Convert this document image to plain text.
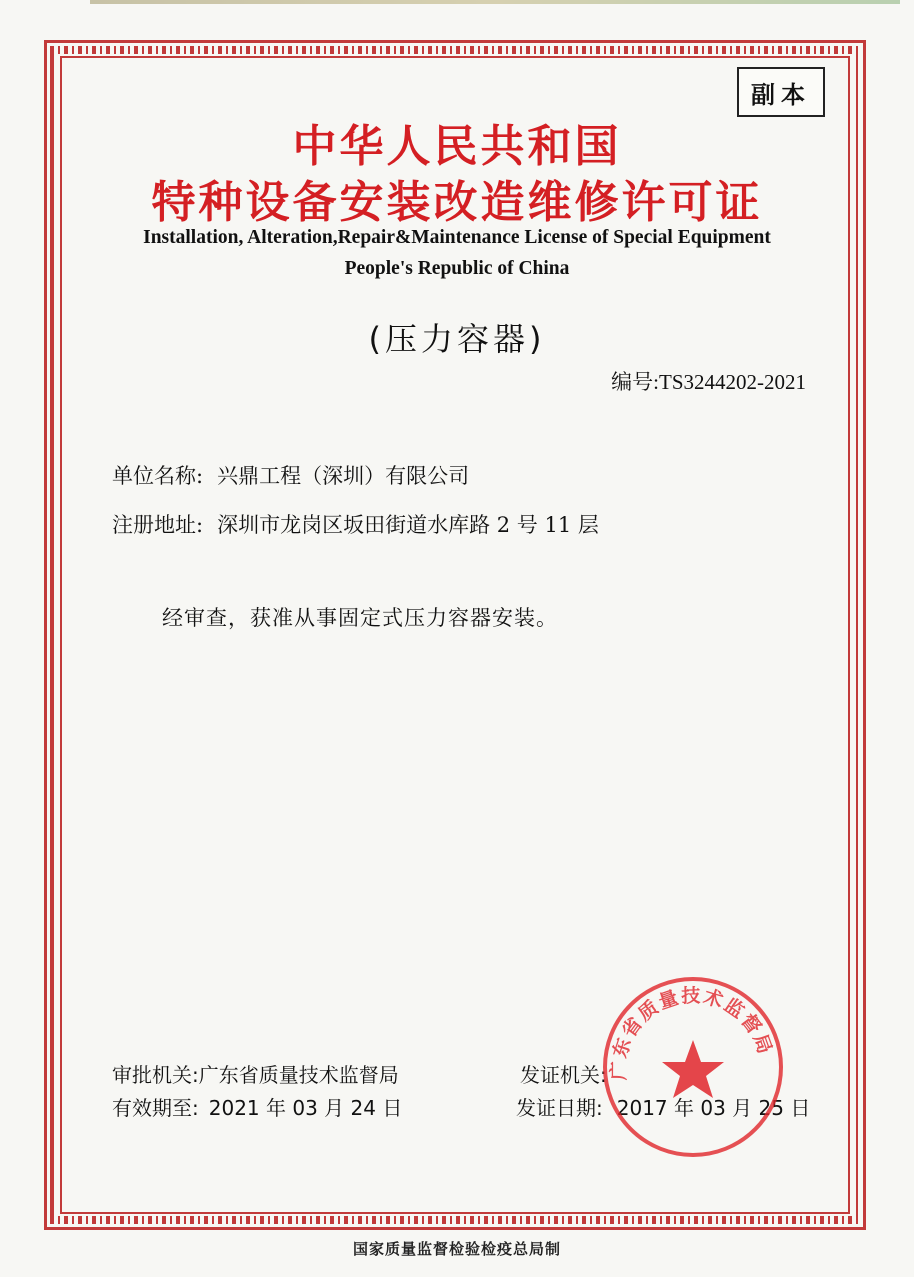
副本
中华人民共和国
特种设备安装改造维修许可证
Installation, Alteration,Repair&Maintenance License of Special Equipment
People's Republic of China
(压力容器)
编号:TS3244202-2021
单位名称: 兴鼎工程（深圳）有限公司
注册地址: 深圳市龙岗区坂田街道水库路 2 号 11 层
经审查，获准从事固定式压力容器安装。
审批机关:广东省质量技术监督局	发证机关:
有效期至: 2021 年 03 月 24 日	发证日期: 2017 年 03 月 25 日
广东省质量技术监督局
国家质量监督检验检疫总局制
